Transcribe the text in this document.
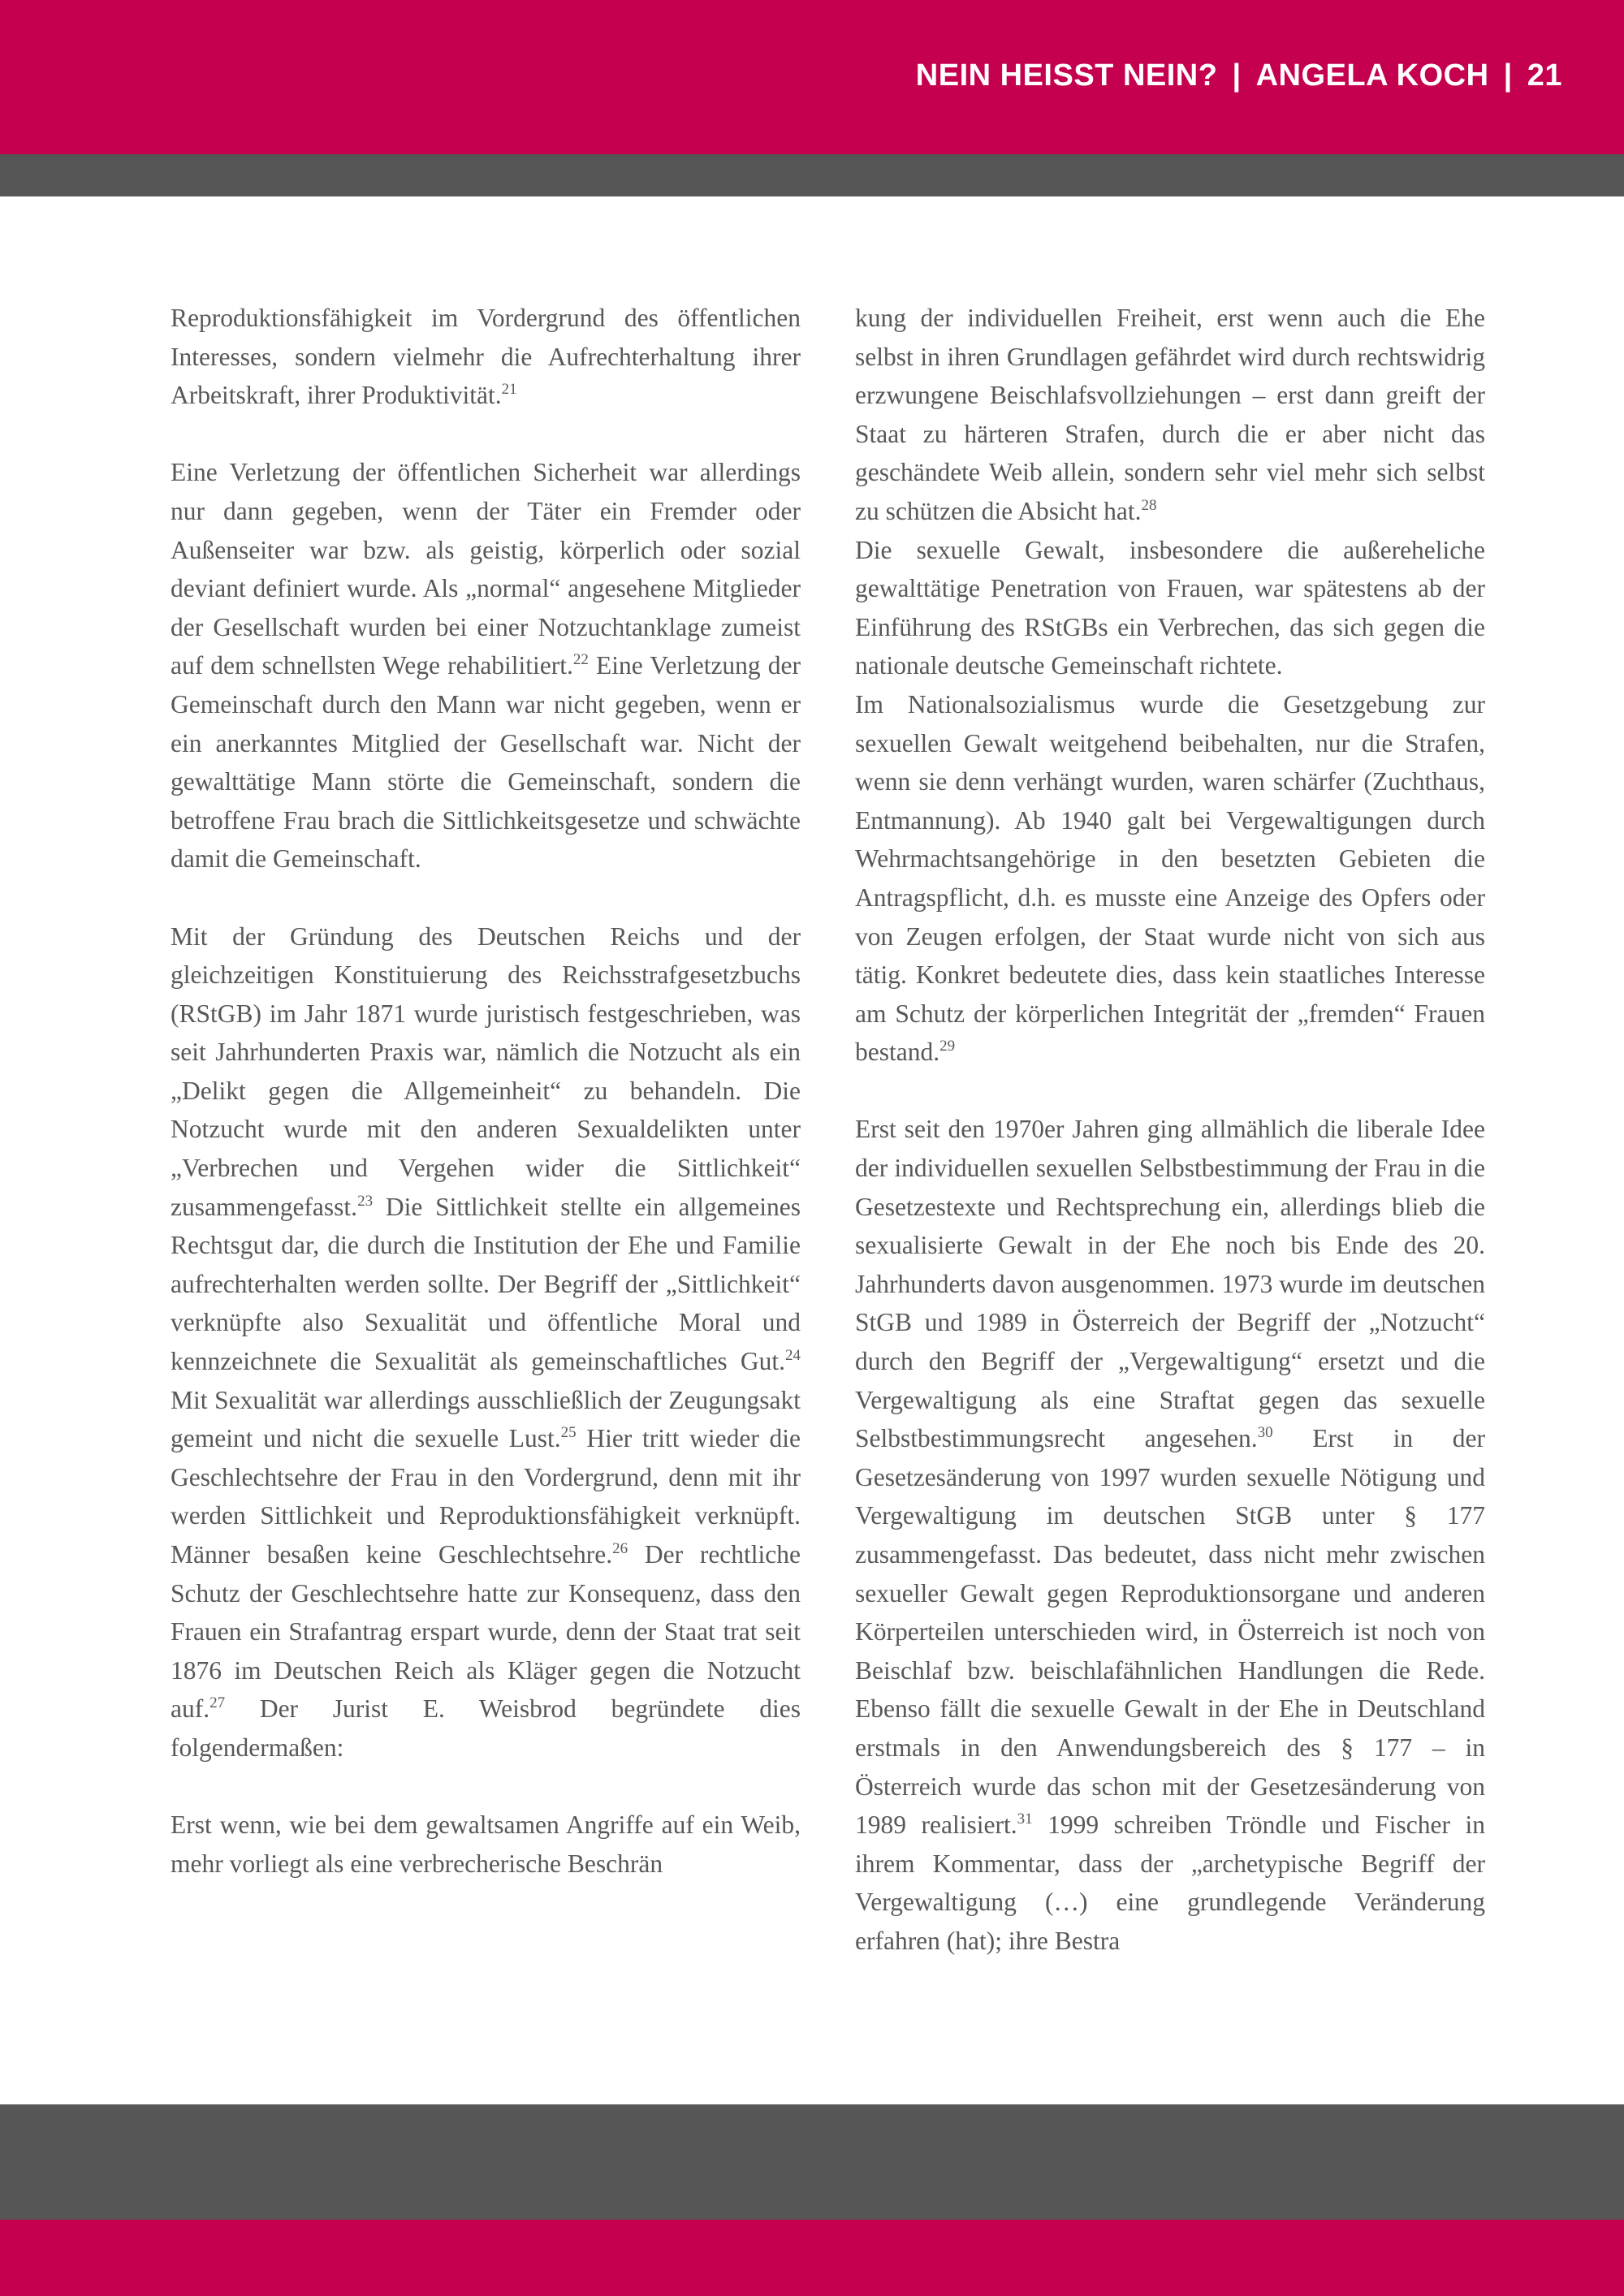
NEIN HEISST NEIN? | ANGELA KOCH | 21

Reproduktionsfähigkeit im Vordergrund des öffentlichen Interesses, sondern vielmehr die Aufrechterhaltung ihrer Arbeitskraft, ihrer Produktivität.$^{21}$

Eine Verletzung der öffentlichen Sicherheit war allerdings nur dann gegeben, wenn der Täter ein Fremder oder Außenseiter war bzw. als geistig, körperlich oder sozial deviant definiert wurde. Als „normal“ angesehene Mitglieder der Gesellschaft wurden bei einer Notzuchtanklage zumeist auf dem schnellsten Wege rehabilitiert.$^{22}$ Eine Verletzung der Gemeinschaft durch den Mann war nicht gegeben, wenn er ein anerkanntes Mitglied der Gesellschaft war. Nicht der gewalttätige Mann störte die Gemeinschaft, sondern die betroffene Frau brach die Sittlichkeitsgesetze und schwächte damit die Gemeinschaft.

Mit der Gründung des Deutschen Reichs und der gleichzeitigen Konstituierung des Reichsstrafgesetzbuchs (RStGB) im Jahr 1871 wurde juristisch festgeschrieben, was seit Jahrhunderten Praxis war, nämlich die Notzucht als ein „Delikt gegen die Allgemeinheit“ zu behandeln. Die Notzucht wurde mit den anderen Sexualdelikten unter „Verbrechen und Vergehen wider die Sittlichkeit“ zusammengefasst.$^{23}$ Die Sittlichkeit stellte ein allgemeines Rechtsgut dar, die durch die Institution der Ehe und Familie aufrechterhalten werden sollte. Der Begriff der „Sittlichkeit“ verknüpfte also Sexualität und öffentliche Moral und kennzeichnete die Sexualität als gemeinschaftliches Gut.$^{24}$ Mit Sexualität war allerdings ausschließlich der Zeugungsakt gemeint und nicht die sexuelle Lust.$^{25}$ Hier tritt wieder die Geschlechtsehre der Frau in den Vordergrund, denn mit ihr werden Sittlichkeit und Reproduktionsfähigkeit verknüpft. Männer besaßen keine Geschlechtsehre.$^{26}$ Der rechtliche Schutz der Geschlechtsehre hatte zur Konsequenz, dass den Frauen ein Strafantrag erspart wurde, denn der Staat trat seit 1876 im Deutschen Reich als Kläger gegen die Notzucht auf.$^{27}$ Der Jurist E. Weisbrod begründete dies folgendermaßen:

Erst wenn, wie bei dem gewaltsamen Angriffe auf ein Weib, mehr vorliegt als eine verbrecherische Beschrän

kung der individuellen Freiheit, erst wenn auch die Ehe selbst in ihren Grundlagen gefährdet wird durch rechtswidrig erzwungene Beischlafsvollziehungen – erst dann greift der Staat zu härteren Strafen, durch die er aber nicht das geschändete Weib allein, sondern sehr viel mehr sich selbst zu schützen die Absicht hat.$^{28}$

Die sexuelle Gewalt, insbesondere die außereheliche gewalttätige Penetration von Frauen, war spätestens ab der Einführung des RStGBs ein Verbrechen, das sich gegen die nationale deutsche Gemeinschaft richtete.

Im Nationalsozialismus wurde die Gesetzgebung zur sexuellen Gewalt weitgehend beibehalten, nur die Strafen, wenn sie denn verhängt wurden, waren schärfer (Zuchthaus, Entmannung). Ab 1940 galt bei Vergewaltigungen durch Wehrmachtsangehörige in den besetzten Gebieten die Antragspflicht, d.h. es musste eine Anzeige des Opfers oder von Zeugen erfolgen, der Staat wurde nicht von sich aus tätig. Konkret bedeutete dies, dass kein staatliches Interesse am Schutz der körperlichen Integrität der „fremden“ Frauen bestand.$^{29}$

Erst seit den 1970er Jahren ging allmählich die liberale Idee der individuellen sexuellen Selbstbestimmung der Frau in die Gesetzestexte und Rechtsprechung ein, allerdings blieb die sexualisierte Gewalt in der Ehe noch bis Ende des 20. Jahrhunderts davon ausgenommen. 1973 wurde im deutschen StGB und 1989 in Österreich der Begriff der „Notzucht“ durch den Begriff der „Vergewaltigung“ ersetzt und die Vergewaltigung als eine Straftat gegen das sexuelle Selbstbestimmungsrecht angesehen.$^{30}$ Erst in der Gesetzesänderung von 1997 wurden sexuelle Nötigung und Vergewaltigung im deutschen StGB unter § 177 zusammengefasst. Das bedeutet, dass nicht mehr zwischen sexueller Gewalt gegen Reproduktionsorgane und anderen Körperteilen unterschieden wird, in Österreich ist noch von Beischlaf bzw. beischlafähnlichen Handlungen die Rede. Ebenso fällt die sexuelle Gewalt in der Ehe in Deutschland erstmals in den Anwendungsbereich des § 177 – in Österreich wurde das schon mit der Gesetzesänderung von 1989 realisiert.$^{31}$ 1999 schreiben Tröndle und Fischer in ihrem Kommentar, dass der „archetypische Begriff der Vergewaltigung (…) eine grundlegende Veränderung erfahren (hat); ihre Bestra
